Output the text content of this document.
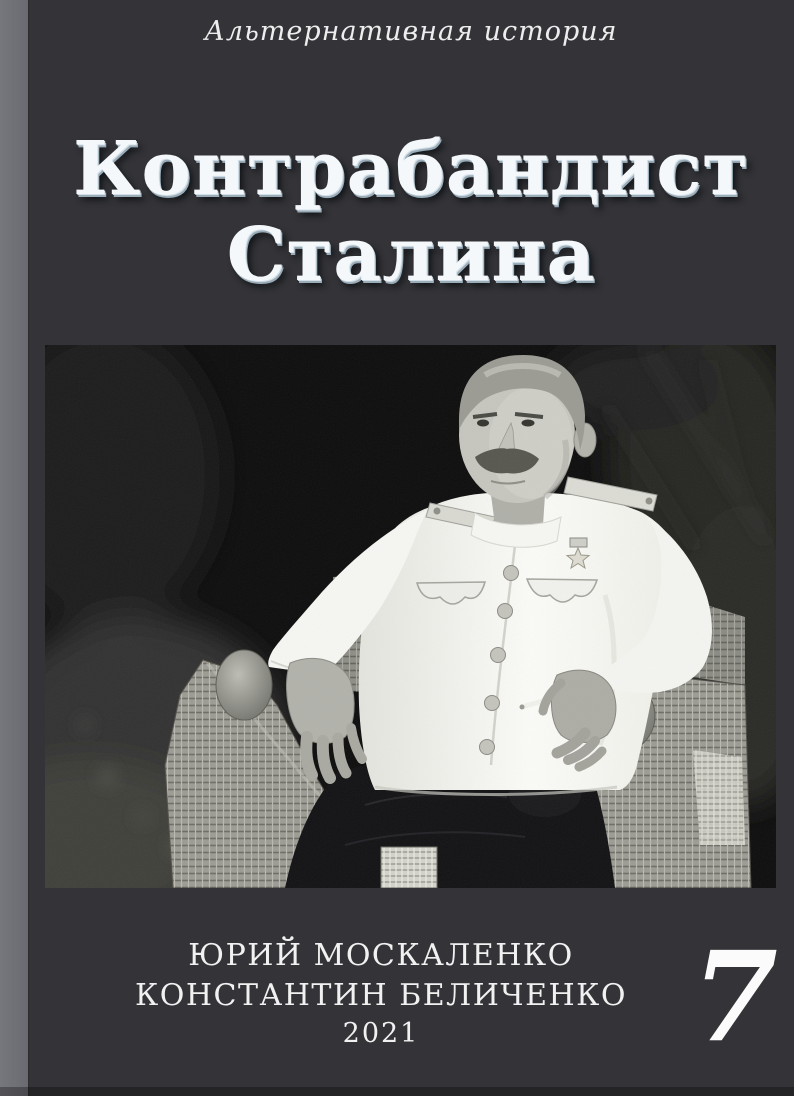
Альтернативная история
Контрабандист
Сталина
ЮРИЙ МОСКАЛЕНКО
КОНСТАНТИН БЕЛИЧЕНКО
2021	7
